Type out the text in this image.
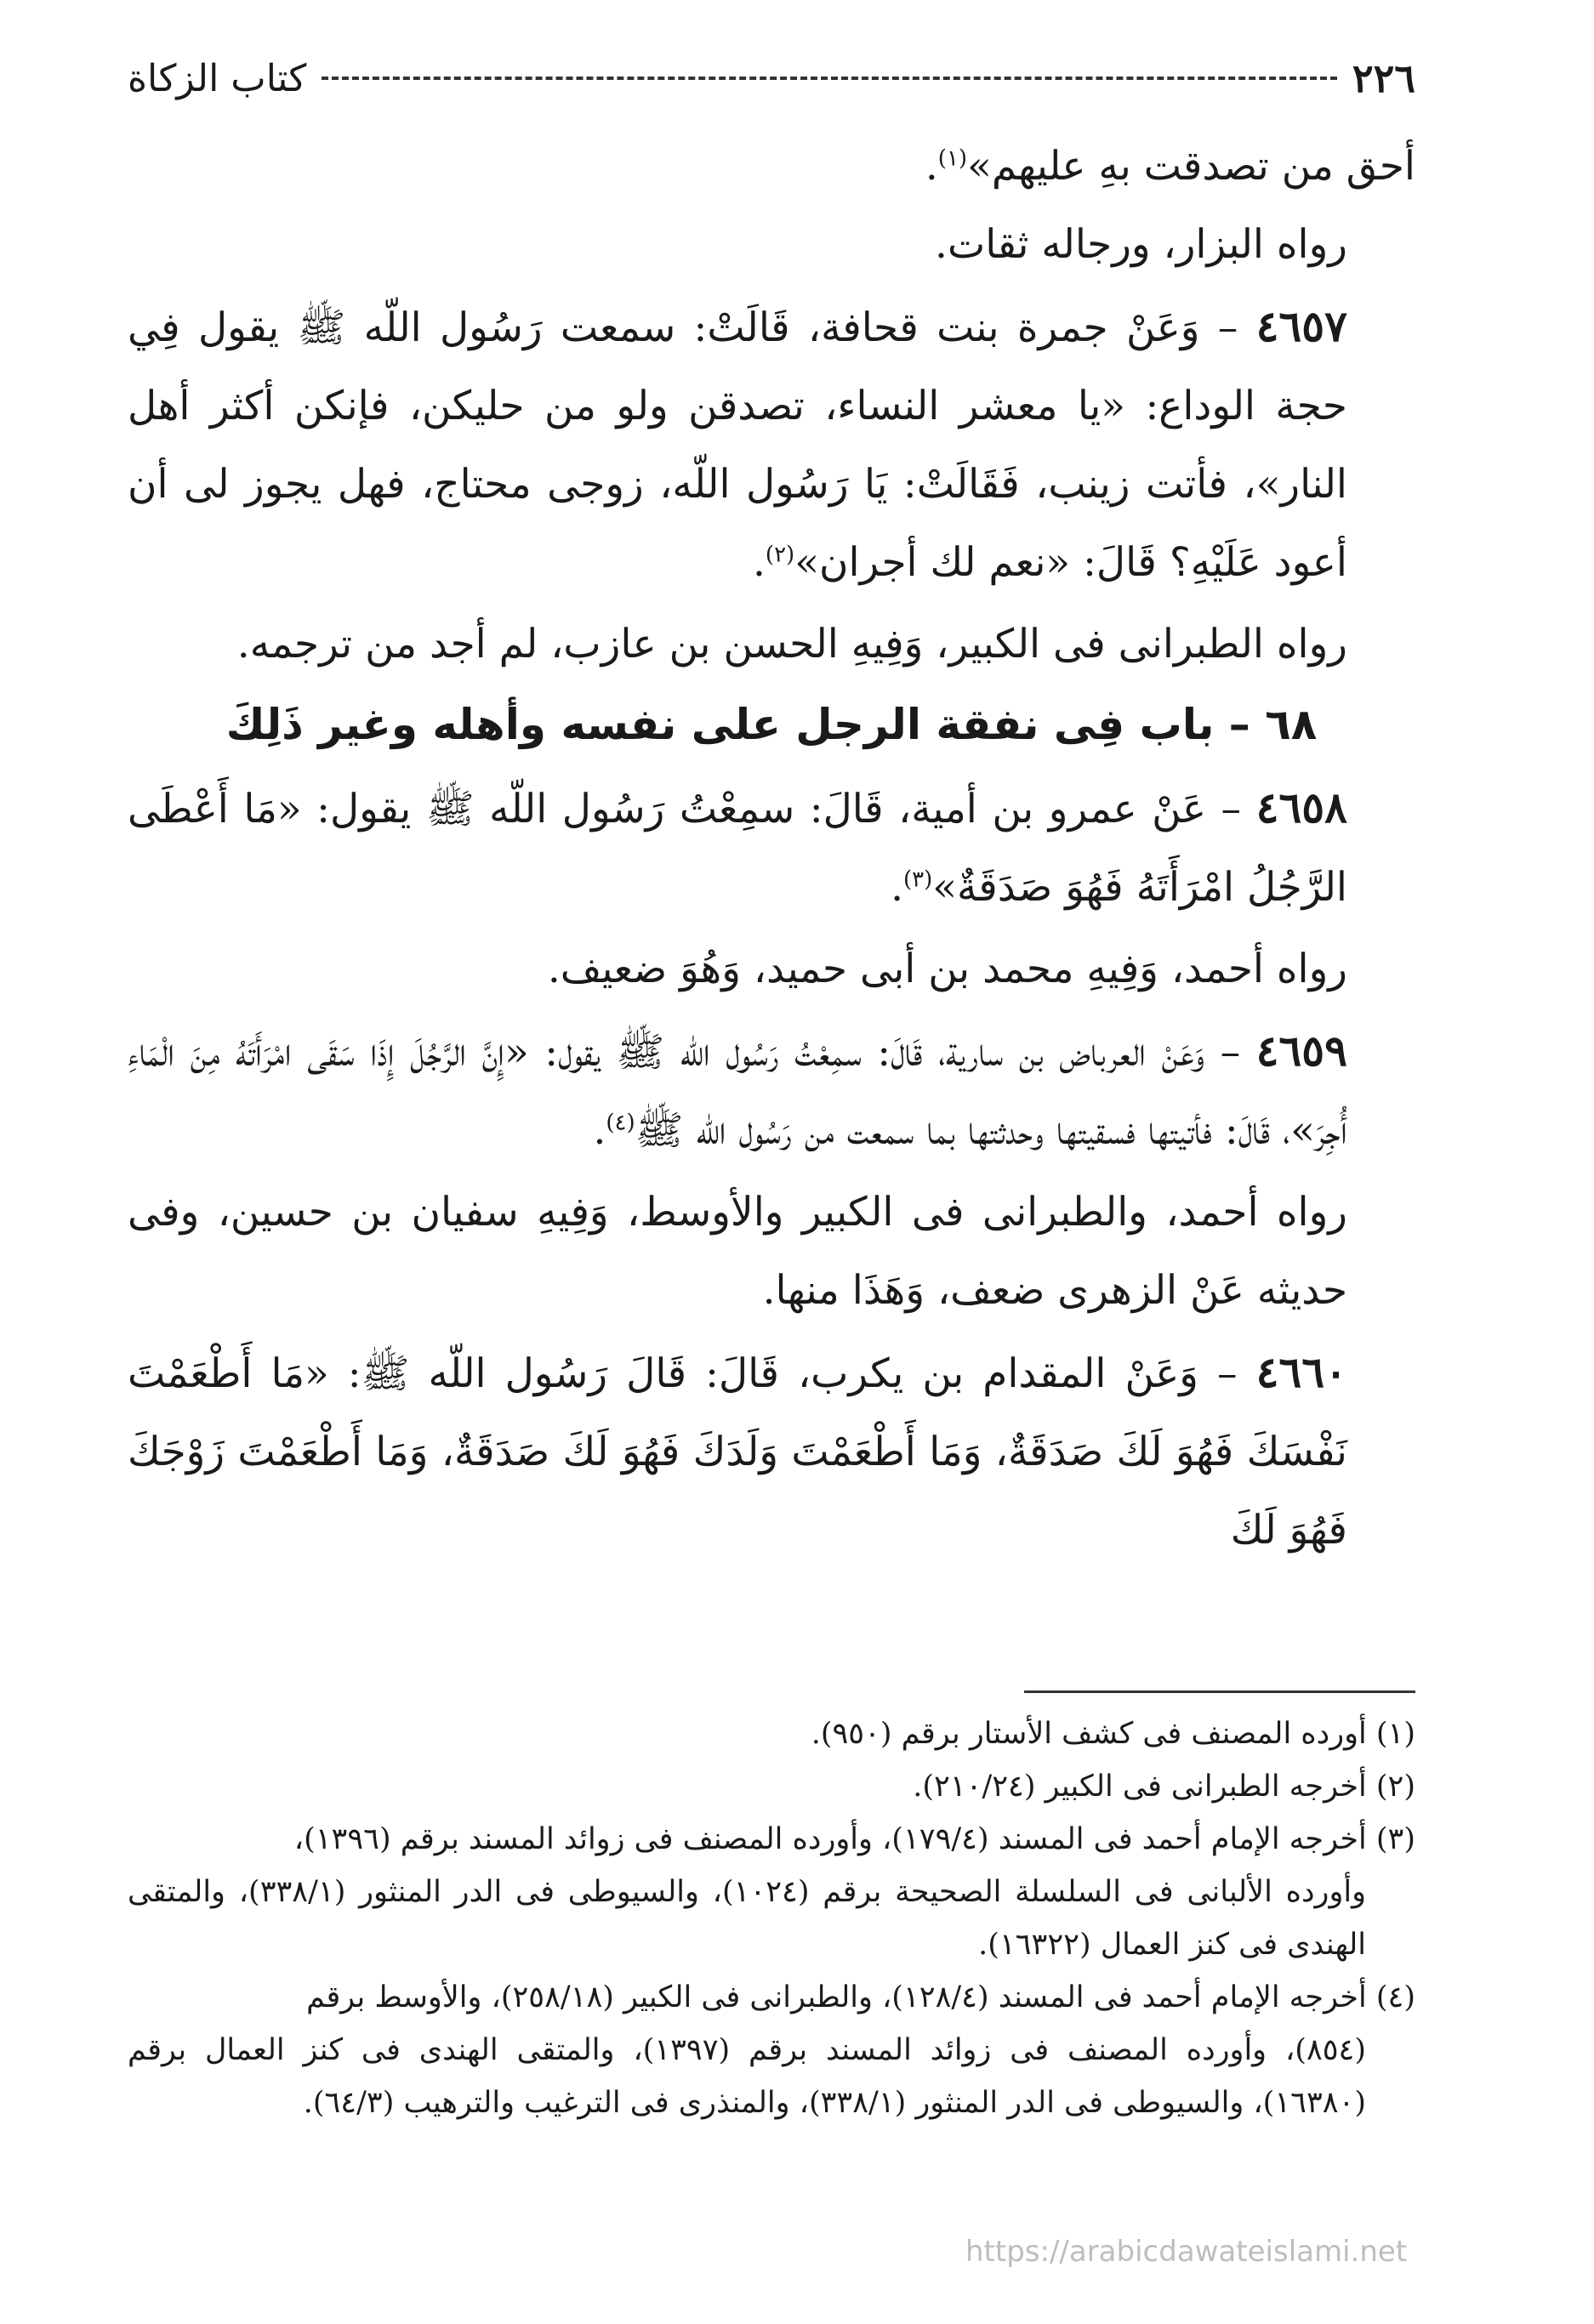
٢٢٦
كتاب الزكاة

أحق من تصدقت بهِ عليهم»$^{(١)}$.

رواه البزار، ورجاله ثقات.

٤٦٥٧ – وَعَنْ جمرة بنت قحافة، قَالَتْ: سمعت رَسُول اللّه ﷺ يقول فِي حجة الوداع: «يا معشر النساء، تصدقن ولو من حليكن، فإنكن أكثر أهل النار»، فأتت زينب، فَقَالَتْ: يَا رَسُول اللّه، زوجى محتاج، فهل يجوز لى أن أعود عَلَيْهِ؟ قَالَ: «نعم لك أجران»$^{(٢)}$.

رواه الطبرانى فى الكبير، وَفِيهِ الحسن بن عازب، لم أجد من ترجمه.

٦٨ – باب فِى نفقة الرجل على نفسه وأهله وغير ذَلِكَ

٤٦٥٨ – عَنْ عمرو بن أمية، قَالَ: سمِعْتُ رَسُول اللّه ﷺ يقول: «مَا أَعْطَى الرَّجُلُ امْرَأَتَهُ فَهُوَ صَدَقَةٌ»$^{(٣)}$.

رواه أحمد، وَفِيهِ محمد بن أبى حميد، وَهُوَ ضعيف.

٤٦٥٩ – وَعَنْ العرباض بن سارية، قَالَ: سمِعْتُ رَسُول اللّه ﷺ يقول: «إِنَّ الرَّجُلَ إِذَا سَقَى امْرَأَتَهُ مِنَ الْمَاءِ أُجِرَ»، قَالَ: فأتيتها فسقيتها وحدثتها بما سمعت من رَسُول اللّه ﷺ$^{(٤)}$.

رواه أحمد، والطبرانى فى الكبير والأوسط، وَفِيهِ سفيان بن حسين، وفى حديثه عَنْ الزهرى ضعف، وَهَذَا منها.

٤٦٦٠ – وَعَنْ المقدام بن يكرب، قَالَ: قَالَ رَسُول اللّه ﷺ: «مَا أَطْعَمْتَ نَفْسَكَ فَهُوَ لَكَ صَدَقَةٌ، وَمَا أَطْعَمْتَ وَلَدَكَ فَهُوَ لَكَ صَدَقَةٌ، وَمَا أَطْعَمْتَ زَوْجَكَ فَهُوَ لَكَ

(١) أورده المصنف فى كشف الأستار برقم (٩٥٠).

(٢) أخرجه الطبرانى فى الكبير (٢١٠/٢٤).

(٣) أخرجه الإمام أحمد فى المسند (١٧٩/٤)، وأورده المصنف فى زوائد المسند برقم (١٣٩٦)،

وأورده الألبانى فى السلسلة الصحيحة برقم (١٠٢٤)، والسيوطى فى الدر المنثور (٣٣٨/١)، والمتقى الهندى فى كنز العمال (١٦٣٢٢).

(٤) أخرجه الإمام أحمد فى المسند (١٢٨/٤)، والطبرانى فى الكبير (٢٥٨/١٨)، والأوسط برقم

(٨٥٤)، وأورده المصنف فى زوائد المسند برقم (١٣٩٧)، والمتقى الهندى فى كنز العمال برقم (١٦٣٨٠)، والسيوطى فى الدر المنثور (٣٣٨/١)، والمنذرى فى الترغيب والترهيب (٦٤/٣).

https://arabicdawateislami.net
